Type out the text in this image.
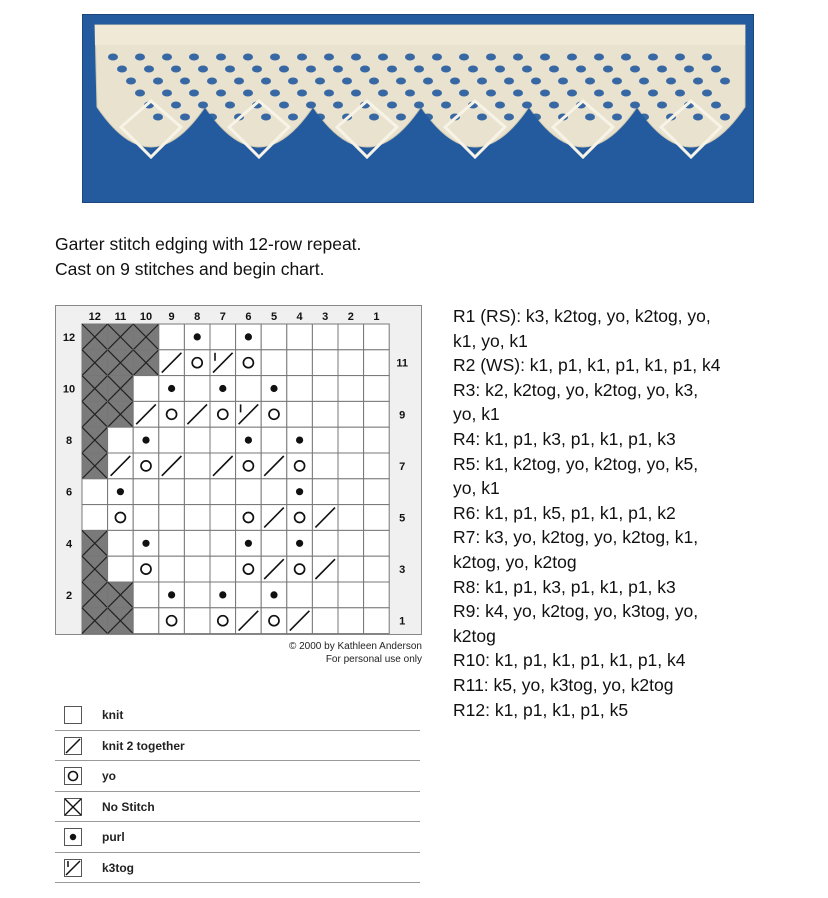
Garter stitch edging with 12-row repeat.
Cast on 9 stitches and begin chart.
12 11 10 9 8 7 6 5 4 3 2 1
12
11
10
9
8
7
6
5
4
3
2
1
© 2000 by Kathleen Anderson
For personal use only
knit
knit 2 together
yo
No Stitch
purl
k3tog
R1 (RS): k3, k2tog, yo, k2tog, yo,
k1, yo, k1
R2 (WS): k1, p1, k1, p1, k1, p1, k4
R3: k2, k2tog, yo, k2tog, yo, k3,
yo, k1
R4: k1, p1, k3, p1, k1, p1, k3
R5: k1, k2tog, yo, k2tog, yo, k5,
yo, k1
R6: k1, p1, k5, p1, k1, p1, k2
R7: k3, yo, k2tog, yo, k2tog, k1,
k2tog, yo, k2tog
R8: k1, p1, k3, p1, k1, p1, k3
R9: k4, yo, k2tog, yo, k3tog, yo,
k2tog
R10: k1, p1, k1, p1, k1, p1, k4
R11: k5, yo, k3tog, yo, k2tog
R12: k1, p1, k1, p1, k5
